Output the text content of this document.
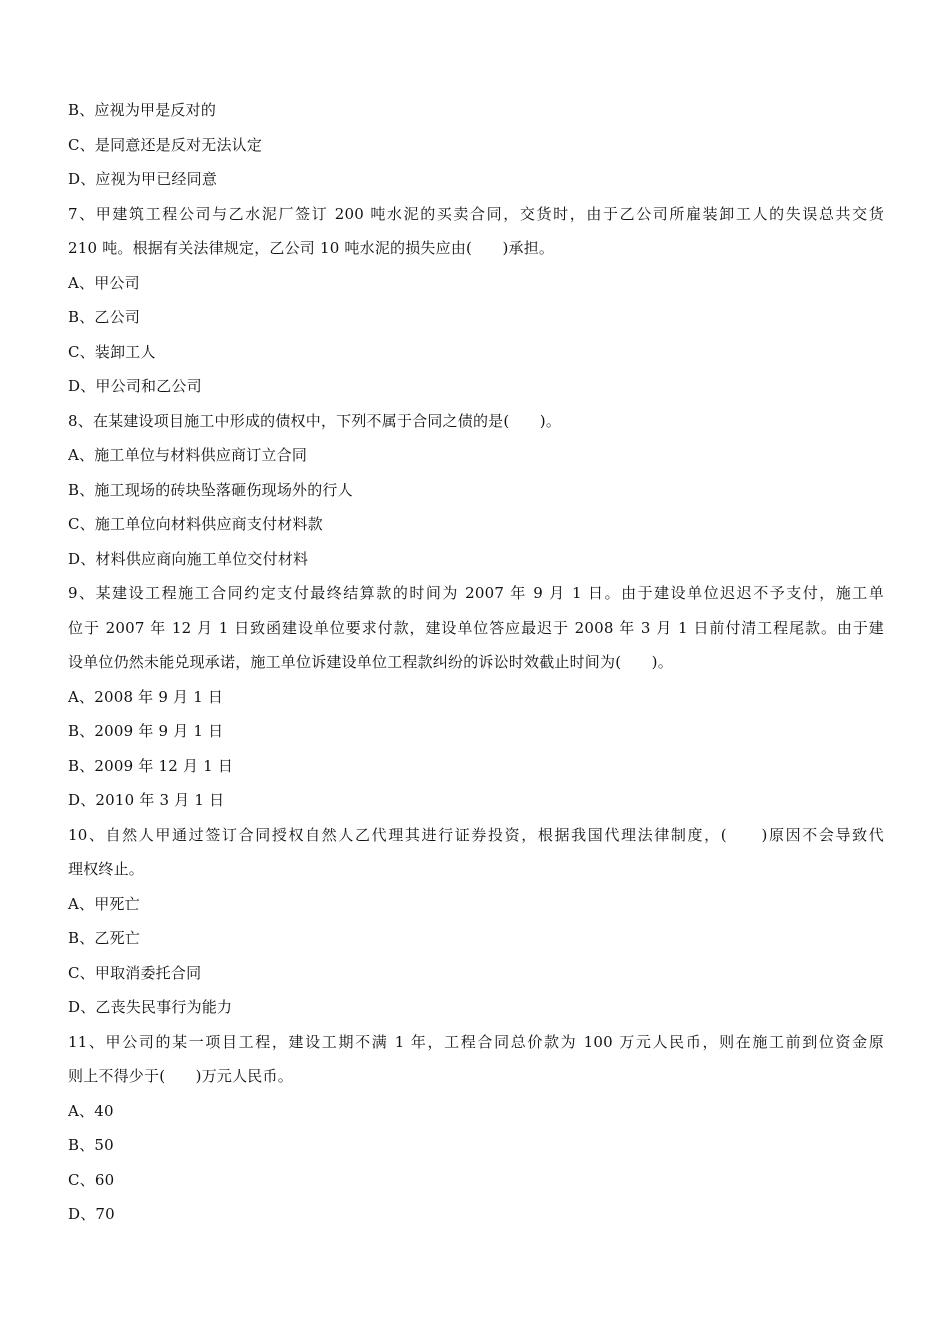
B、应视为甲是反对的
C、是同意还是反对无法认定
D、应视为甲已经同意
7、甲建筑工程公司与乙水泥厂签订 200 吨水泥的买卖合同，交货时，由于乙公司所雇装卸工人的失误总共交货
210 吨。根据有关法律规定，乙公司 10 吨水泥的损失应由(　　)承担。
A、甲公司
B、乙公司
C、装卸工人
D、甲公司和乙公司
8、在某建设项目施工中形成的债权中，下列不属于合同之债的是(　　)。
A、施工单位与材料供应商订立合同
B、施工现场的砖块坠落砸伤现场外的行人
C、施工单位向材料供应商支付材料款
D、材料供应商向施工单位交付材料
9、某建设工程施工合同约定支付最终结算款的时间为 2007 年 9 月 1 日。由于建设单位迟迟不予支付，施工单
位于 2007 年 12 月 1 日致函建设单位要求付款，建设单位答应最迟于 2008 年 3 月 1 日前付清工程尾款。由于建
设单位仍然未能兑现承诺，施工单位诉建设单位工程款纠纷的诉讼时效截止时间为(　　)。
A、2008 年 9 月 1 日
B、2009 年 9 月 1 日
B、2009 年 12 月 1 日
D、2010 年 3 月 1 日
10、自然人甲通过签订合同授权自然人乙代理其进行证券投资，根据我国代理法律制度，(　　)原因不会导致代
理权终止。
A、甲死亡
B、乙死亡
C、甲取消委托合同
D、乙丧失民事行为能力
11、甲公司的某一项目工程，建设工期不满 1 年，工程合同总价款为 100 万元人民币，则在施工前到位资金原
则上不得少于(　　)万元人民币。
A、40
B、50
C、60
D、70
